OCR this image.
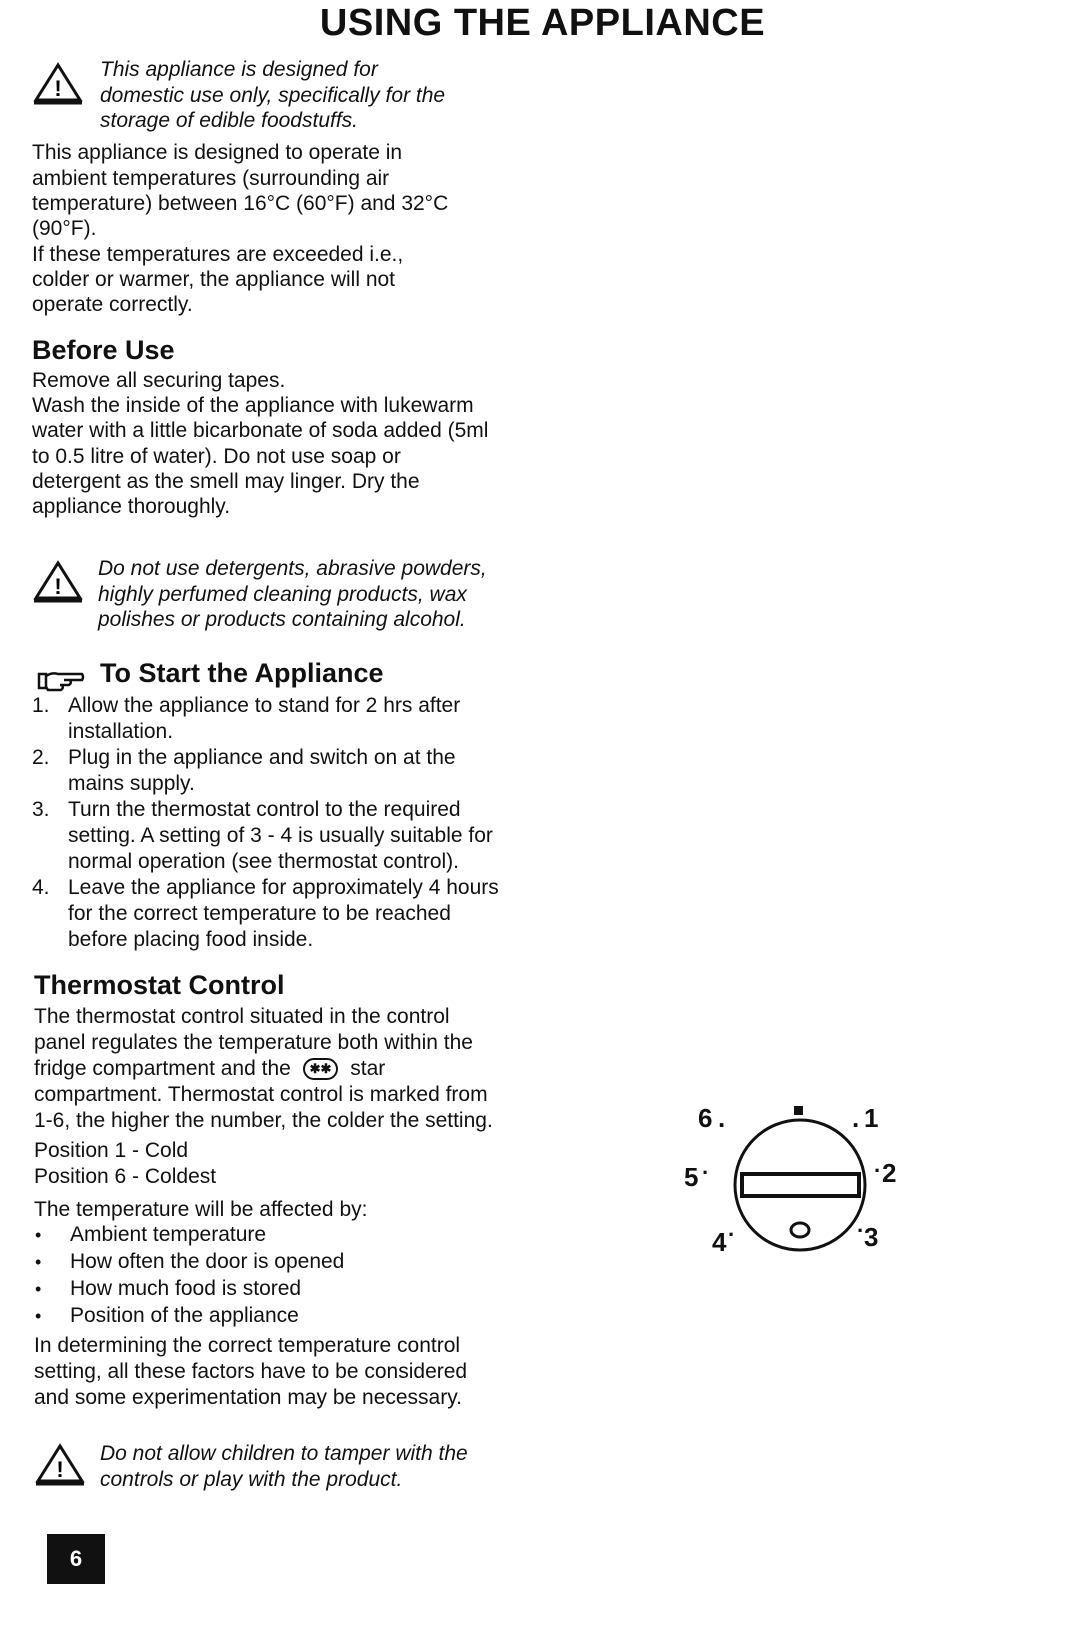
USING THE APPLIANCE
!
This appliance is designed for
domestic use only, specifically for the
storage of edible foodstuffs.
This appliance is designed to operate in
ambient temperatures (surrounding air
temperature) between 16°C (60°F) and 32°C
(90°F).
If these temperatures are exceeded i.e.,
colder or warmer, the appliance will not
operate correctly.
Before Use
Remove all securing tapes.
Wash the inside of the appliance with lukewarm
water with a little bicarbonate of soda added (5ml
to 0.5 litre of water). Do not use soap or
detergent as the smell may linger. Dry the
appliance thoroughly.
!
Do not use detergents, abrasive powders,
highly perfumed cleaning products, wax
polishes or products containing alcohol.
To Start the Appliance
1. Allow the appliance to stand for 2 hrs after
installation.
2. Plug in the appliance and switch on at the
mains supply.
3. Turn the thermostat control to the required
setting. A setting of 3 - 4 is usually suitable for
normal operation (see thermostat control).
4. Leave the appliance for approximately 4 hours
for the correct temperature to be reached
before placing food inside.
Thermostat Control
The thermostat control situated in the control
panel regulates the temperature both within the
fridge compartment and the ✱✱ star
compartment. Thermostat control is marked from
1-6, the higher the number, the colder the setting.
Position 1 - Cold
Position 6 - Coldest
The temperature will be affected by:
• Ambient temperature
• How often the door is opened
• How much food is stored
• Position of the appliance
In determining the correct temperature control
setting, all these factors have to be considered
and some experimentation may be necessary.
!
Do not allow children to tamper with the
controls or play with the product.
6 .	. 1
5 ·	· 2
4 ·	· 3
6
